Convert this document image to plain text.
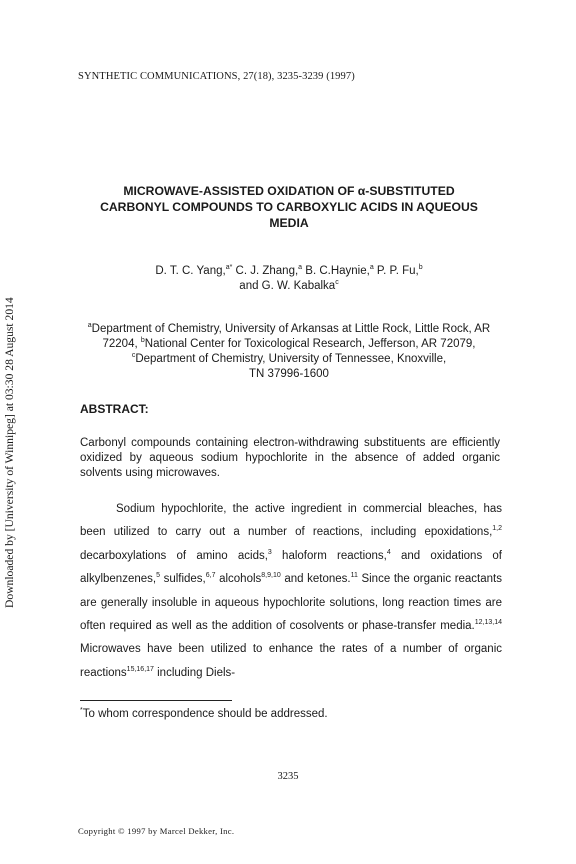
SYNTHETIC COMMUNICATIONS, 27(18), 3235-3239 (1997)
Downloaded by [University of Winnipeg] at 03:30 28 August 2014
MICROWAVE-ASSISTED OXIDATION OF α-SUBSTITUTED
CARBONYL COMPOUNDS TO CARBOXYLIC ACIDS IN AQUEOUS
MEDIA
D. T. C. Yang,$^{a*}$ C. J. Zhang,$^a$ B. C.Haynie,$^a$ P. P. Fu,$^b$
and G. W. Kabalka$^c$
$^a$Department of Chemistry, University of Arkansas at Little Rock, Little Rock, AR 72204, $^b$National Center for Toxicological Research, Jefferson, AR 72079, $^c$Department of Chemistry, University of Tennessee, Knoxville,
TN 37996-1600
ABSTRACT:
Carbonyl compounds containing electron-withdrawing substituents are efficiently oxidized by aqueous sodium hypochlorite in the absence of added organic solvents using microwaves.
Sodium hypochlorite, the active ingredient in commercial bleaches, has been utilized to carry out a number of reactions, including epoxidations,$^{1,2}$ decarboxylations of amino acids,$^3$ haloform reactions,$^4$ and oxidations of alkylbenzenes,$^5$ sulfides,$^{6,7}$ alcohols$^{8,9,10}$ and ketones.$^{11}$ Since the organic reactants are generally insoluble in aqueous hypochlorite solutions, long reaction times are often required as well as the addition of cosolvents or phase-transfer media.$^{12,13,14}$ Microwaves have been utilized to enhance the rates of a number of organic reactions$^{15,16,17}$ including Diels-
*To whom correspondence should be addressed.
3235
Copyright © 1997 by Marcel Dekker, Inc.
